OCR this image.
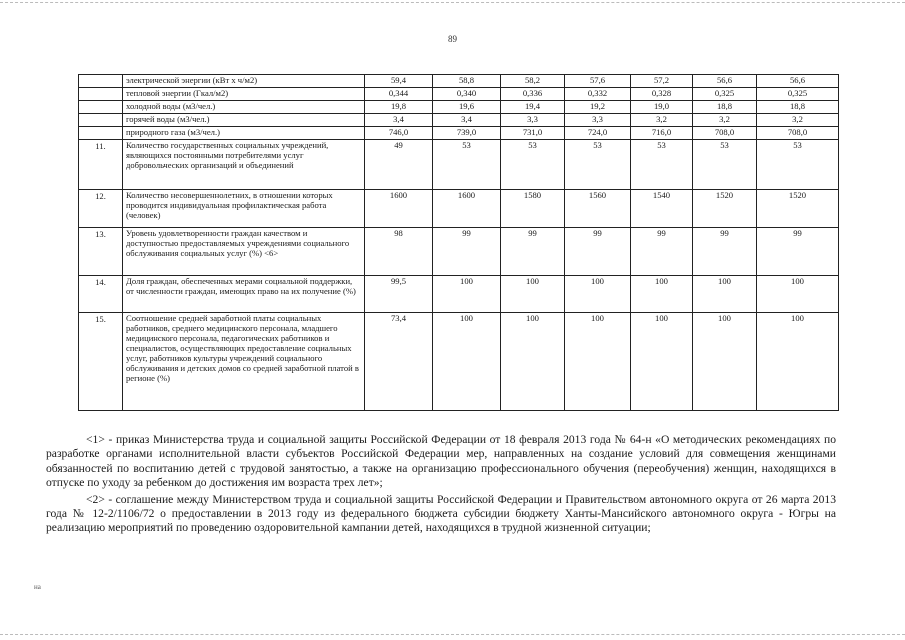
89
	электрической энергии (кВт х ч/м2)	59,4	58,8	58,2	57,6	57,2	56,6	56,6
	тепловой энергии (Гкал/м2)	0,344	0,340	0,336	0,332	0,328	0,325	0,325
	холодной воды (м3/чел.)	19,8	19,6	19,4	19,2	19,0	18,8	18,8
	горячей воды (м3/чел.)	3,4	3,4	3,3	3,3	3,2	3,2	3,2
	природного газа (м3/чел.)	746,0	739,0	731,0	724,0	716,0	708,0	708,0
11.	Количество государственных социальных учреждений, являющихся постоянными потребителями услуг добровольческих организаций и объединений	49	53	53	53	53	53	53
12.	Количество несовершеннолетних, в отношении которых проводится индивидуальная профилактическая работа (человек)	1600	1600	1580	1560	1540	1520	1520
13.	Уровень удовлетворенности граждан качеством и доступностью предоставляемых учреждениями социального обслуживания социальных услуг (%) <6>	98	99	99	99	99	99	99
14.	Доля граждан, обеспеченных мерами социальной поддержки, от численности граждан, имеющих право на их получение (%)	99,5	100	100	100	100	100	100
15.	Соотношение средней заработной платы социальных работников, среднего медицинского персонала, младшего медицинского персонала, педагогических работников и специалистов, осуществляющих предоставление социальных услуг, работников культуры учреждений социального обслуживания и детских домов со средней заработной платой в регионе (%)	73,4	100	100	100	100	100	100

<1> - приказ Министерства труда и социальной защиты Российской Федерации от 18 февраля 2013 года № 64-н «О методических рекомендациях по разработке органами исполнительной власти субъектов Российской Федерации мер, направленных на создание условий для совмещения женщинами обязанностей по воспитанию детей с трудовой занятостью, а также на организацию профессионального обучения (переобучения) женщин, находящихся в отпуске по уходу за ребенком до достижения им возраста трех лет»;

<2> - соглашение между Министерством труда и социальной защиты Российской Федерации и Правительством автономного округа от 26 марта 2013 года № 12-2/1106/72 о предоставлении в 2013 году из федерального бюджета субсидии бюджету Ханты-Мансийского автономного округа - Югры на реализацию мероприятий по проведению оздоровительной кампании детей, находящихся в трудной жизненной ситуации;

на
